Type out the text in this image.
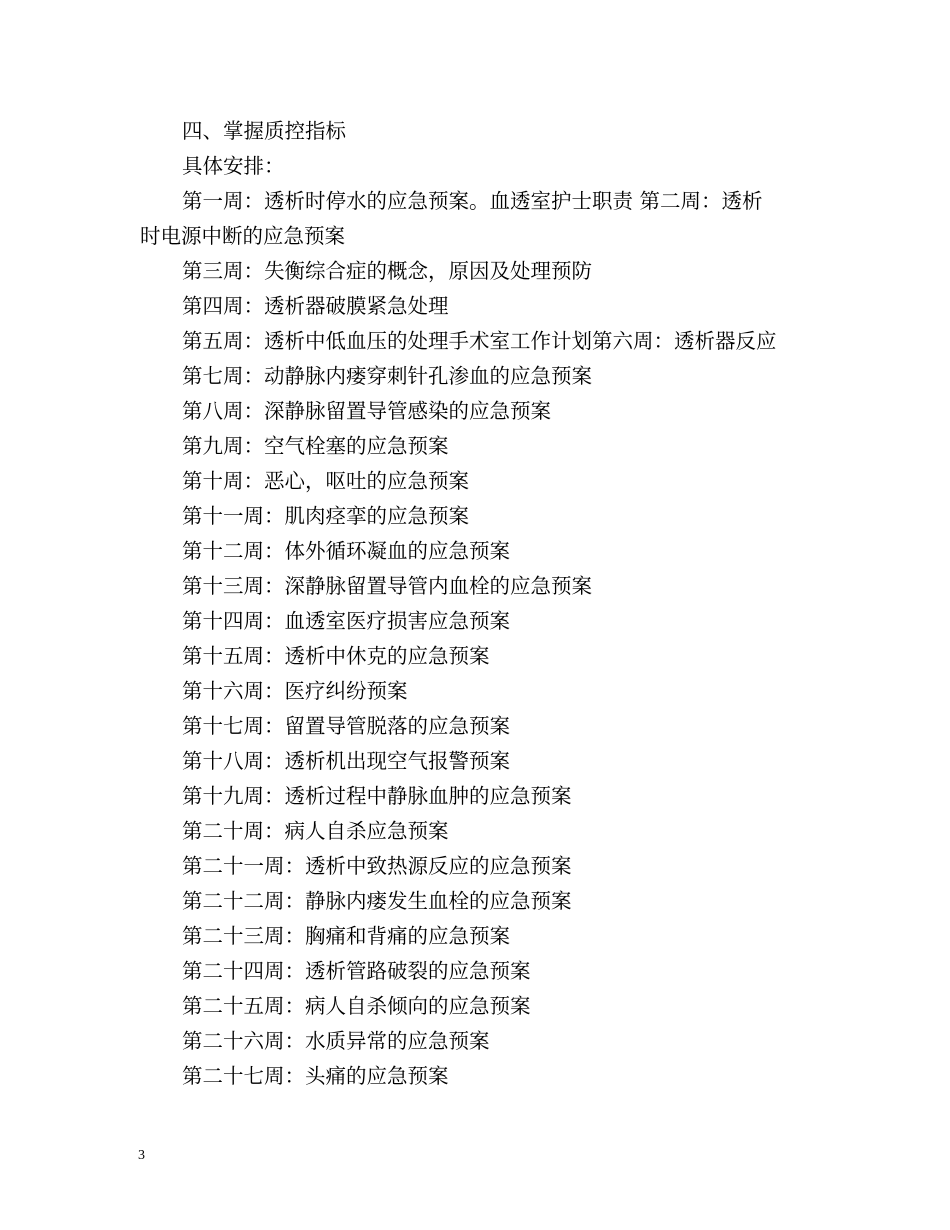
四、掌握质控指标
具体安排：
第一周：透析时停水的应急预案。血透室护士职责 第二周：透析
时电源中断的应急预案
第三周：失衡综合症的概念，原因及处理预防
第四周：透析器破膜紧急处理
第五周：透析中低血压的处理手术室工作计划第六周：透析器反应
第七周：动静脉内瘘穿刺针孔渗血的应急预案
第八周：深静脉留置导管感染的应急预案
第九周：空气栓塞的应急预案
第十周：恶心，呕吐的应急预案
第十一周：肌肉痉挛的应急预案
第十二周：体外循环凝血的应急预案
第十三周：深静脉留置导管内血栓的应急预案
第十四周：血透室医疗损害应急预案
第十五周：透析中休克的应急预案
第十六周：医疗纠纷预案
第十七周：留置导管脱落的应急预案
第十八周：透析机出现空气报警预案
第十九周：透析过程中静脉血肿的应急预案
第二十周：病人自杀应急预案
第二十一周：透析中致热源反应的应急预案
第二十二周：静脉内瘘发生血栓的应急预案
第二十三周：胸痛和背痛的应急预案
第二十四周：透析管路破裂的应急预案
第二十五周：病人自杀倾向的应急预案
第二十六周：水质异常的应急预案
第二十七周：头痛的应急预案
3
